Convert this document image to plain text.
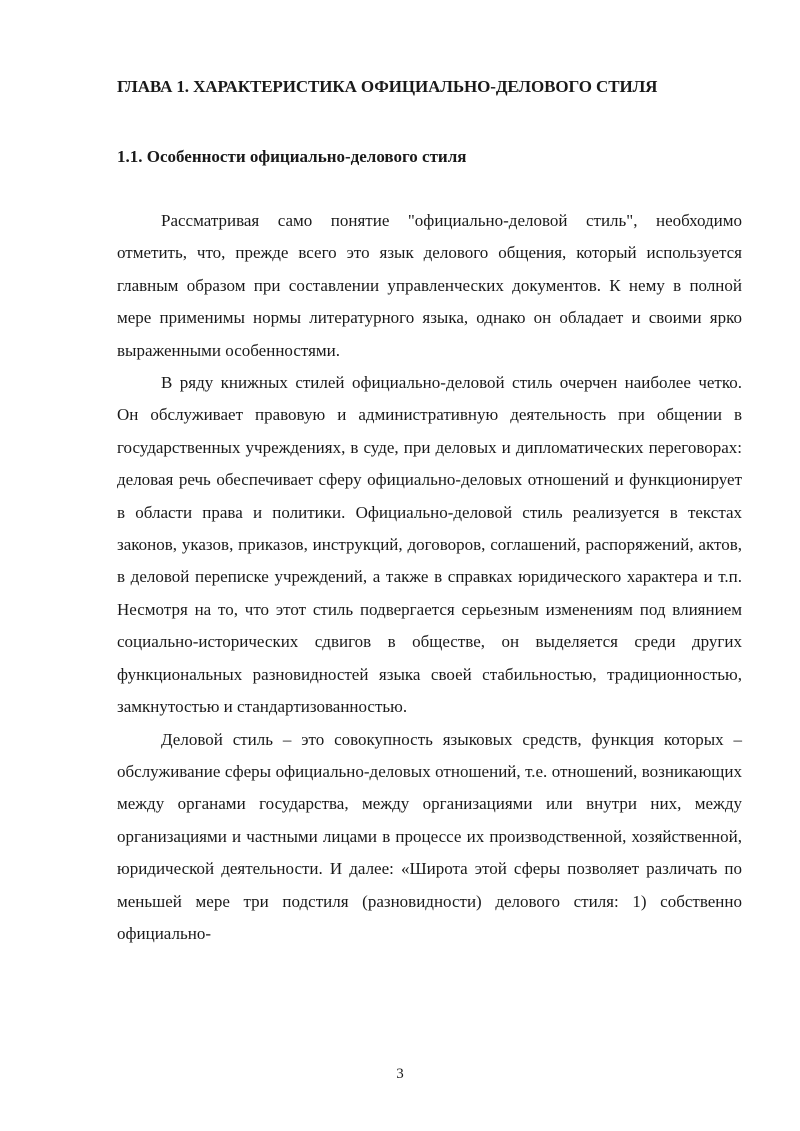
ГЛАВА 1. ХАРАКТЕРИСТИКА ОФИЦИАЛЬНО-ДЕЛОВОГО СТИЛЯ
1.1. Особенности официально-делового стиля

Рассматривая само понятие "официально-деловой стиль", необходимо отметить, что, прежде всего это язык делового общения, который используется главным образом при составлении управленческих документов. К нему в полной мере применимы нормы литературного языка, однако он обладает и своими ярко выраженными особенностями.

В ряду книжных стилей официально-деловой стиль очерчен наиболее четко. Он обслуживает правовую и административную деятельность при общении в государственных учреждениях, в суде, при деловых и дипломатических переговорах: деловая речь обеспечивает сферу официально-деловых отношений и функционирует в области права и политики. Официально-деловой стиль реализуется в текстах законов, указов, приказов, инструкций, договоров, соглашений, распоряжений, актов, в деловой переписке учреждений, а также в справках юридического характера и т.п. Несмотря на то, что этот стиль подвергается серьезным изменениям под влиянием социально-исторических сдвигов в обществе, он выделяется среди других функциональных разновидностей языка своей стабильностью, традиционностью, замкнутостью и стандартизованностью.

Деловой стиль – это совокупность языковых средств, функция которых – обслуживание сферы официально-деловых отношений, т.е. отношений, возникающих между органами государства, между организациями или внутри них, между организациями и частными лицами в процессе их производственной, хозяйственной, юридической деятельности. И далее: «Широта этой сферы позволяет различать по меньшей мере три подстиля (разновидности) делового стиля: 1) собственно официально-

3
